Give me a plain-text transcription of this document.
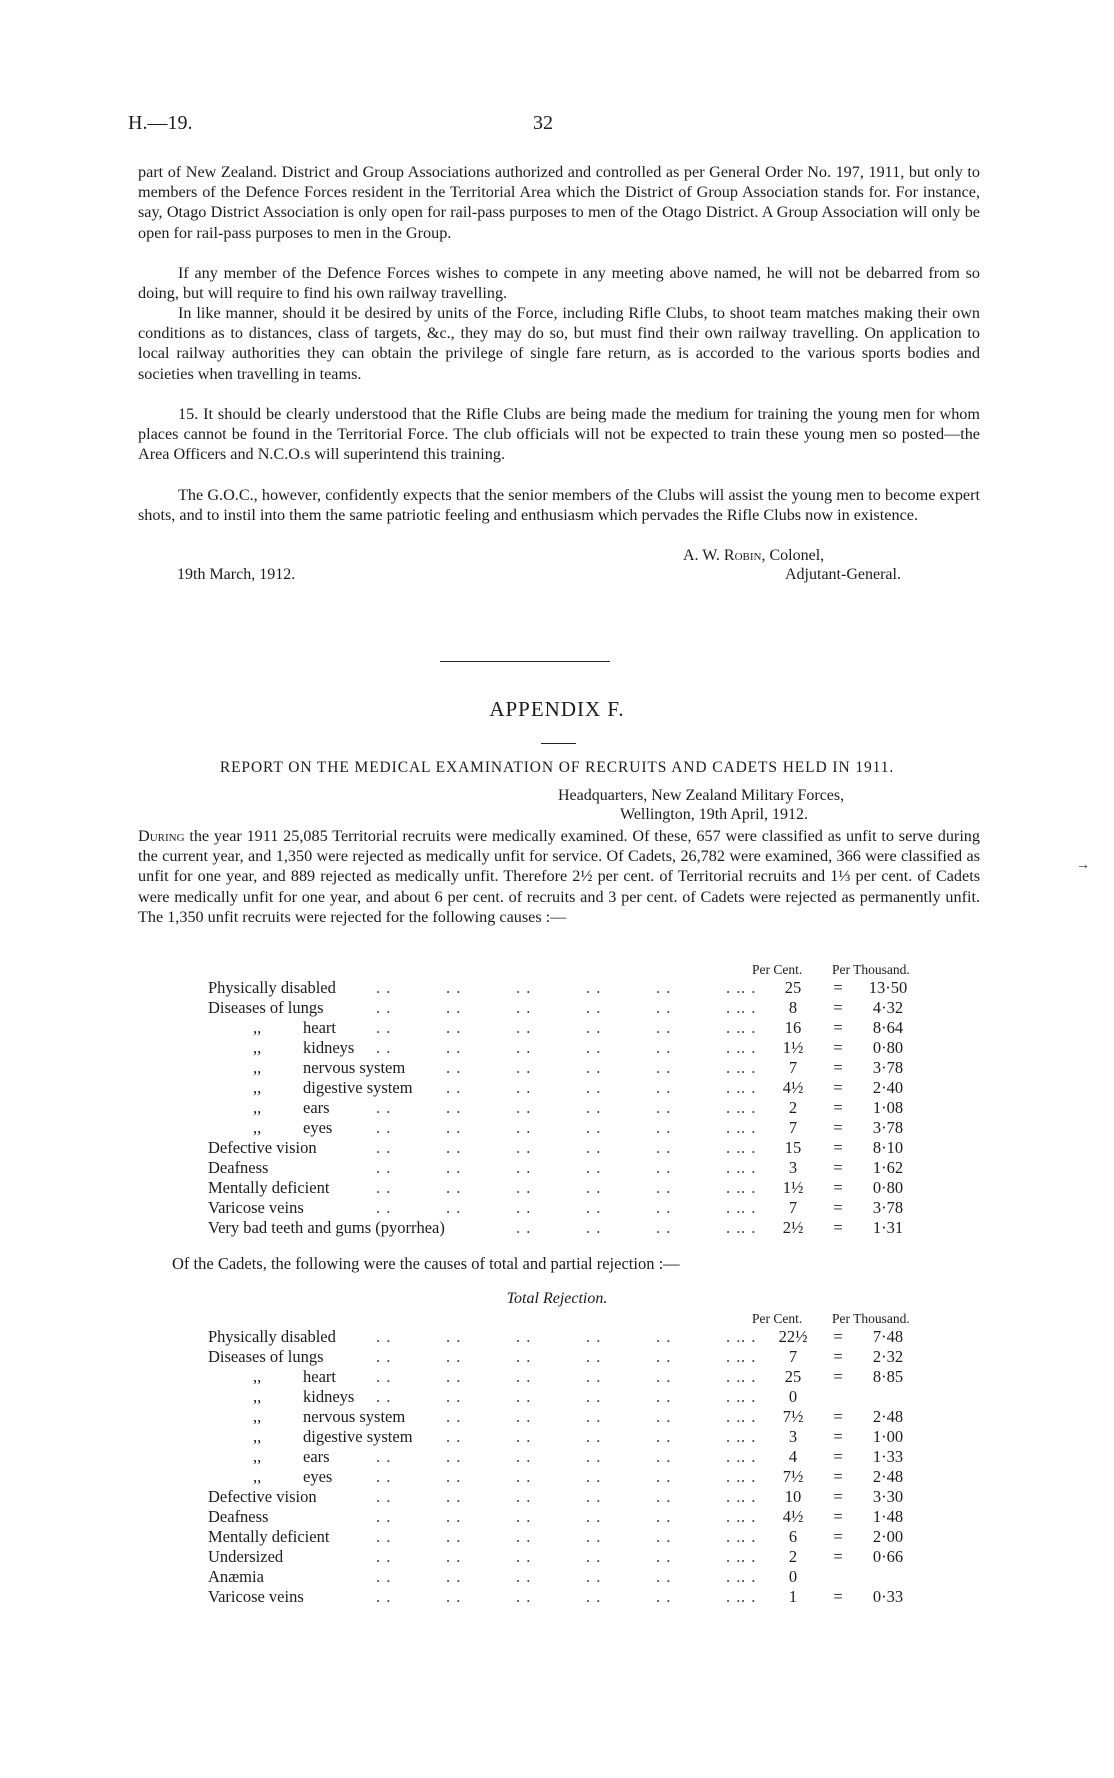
H.—19.	32
part of New Zealand. District and Group Associations authorized and controlled as per General Order No. 197, 1911, but only to members of the Defence Forces resident in the Territorial Area which the District of Group Association stands for. For instance, say, Otago District Association is only open for rail-pass purposes to men of the Otago District. A Group Association will only be open for rail-pass purposes to men in the Group.
If any member of the Defence Forces wishes to compete in any meeting above named, he will not be debarred from so doing, but will require to find his own railway travelling.
In like manner, should it be desired by units of the Force, including Rifle Clubs, to shoot team matches making their own conditions as to distances, class of targets, &c., they may do so, but must find their own railway travelling. On application to local railway authorities they can obtain the privilege of single fare return, as is accorded to the various sports bodies and societies when travelling in teams.
15. It should be clearly understood that the Rifle Clubs are being made the medium for training the young men for whom places cannot be found in the Territorial Force. The club officials will not be expected to train these young men so posted—the Area Officers and N.C.O.s will superintend this training.
The G.O.C., however, confidently expects that the senior members of the Clubs will assist the young men to become expert shots, and to instil into them the same patriotic feeling and enthusiasm which pervades the Rifle Clubs now in existence.
A. W. Robin, Colonel,
19th March, 1912.	Adjutant-General.
APPENDIX F.
REPORT ON THE MEDICAL EXAMINATION OF RECRUITS AND CADETS HELD IN 1911.
Headquarters, New Zealand Military Forces,
Wellington, 19th April, 1912.
During the year 1911 25,085 Territorial recruits were medically examined. Of these, 657 were classified as unfit to serve during the current year, and 1,350 were rejected as medically unfit for service. Of Cadets, 26,782 were examined, 366 were classified as unfit for one year, and 889 rejected as medically unfit. Therefore 2½ per cent. of Territorial recruits and 1⅓ per cent. of Cadets were medically unfit for one year, and about 6 per cent. of recruits and 3 per cent. of Cadets were rejected as permanently unfit. The 1,350 unfit recruits were rejected for the following causes :—
Per Cent. Per Thousand.
Physically disabled . .	. .	. .	. .	. .	. . . .	25	=	13·50
Diseases of lungs	. .	. .	. .	. .	. .	. . . .	8	=	4·32
,,	heart . .	. .	. .	. .	. .	. . . .	16	=	8·64
,,	kidneys . .	. .	. .	. .	. .	. . . .	1½	=	0·80
,,	nervous system . .	. .	. .	. .	. . . .	7	=	3·78
,,	digestive system . .	. .	. .	. .	. . . .	4½	=	2·40
,,	ears	. .	. .	. .	. .	. .	. . . .	2	=	1·08
,,	eyes	. .	. .	. .	. .	. .	. . . .	7	=	3·78
Defective vision	. .	. .	. .	. .	. .	. . . .	15	=	8·10
Deafness	. .	. .	. .	. .	. .	. . . .	3	=	1·62
Mentally deficient	. .	. .	. .	. .	. .	. . . .	1½	=	0·80
Varicose veins	. .	. .	. .	. .	. .	. . . .	7	=	3·78
Very bad teeth and gums (pyorrhea)	. .	. .	. .	. . . .	2½	=	1·31
Of the Cadets, the following were the causes of total and partial rejection :—
Total Rejection.
Per Cent. Per Thousand.
Physically disabled . .	. .	. .	. .	. .	. . . .	22½	=	7·48
Diseases of lungs	. .	. .	. .	. .	. .	. . . .	7	=	2·32
,,	heart . .	. .	. .	. .	. .	. . . .	25	=	8·85
,,	kidneys . .	. .	. .	. .	. .	. . . .	0
,,	nervous system . .	. .	. .	. .	. . . .	7½	=	2·48
,,	digestive system . .	. .	. .	. .	. . . .	3	=	1·00
,,	ears	. .	. .	. .	. .	. .	. . . .	4	=	1·33
,,	eyes	. .	. .	. .	. .	. .	. . . .	7½	=	2·48
Defective vision	. .	. .	. .	. .	. .	. . . .	10	=	3·30
Deafness	. .	. .	. .	. .	. .	. . . .	4½	=	1·48
Mentally deficient	. .	. .	. .	. .	. .	. . . .	6	=	2·00
Undersized	. .	. .	. .	. .	. .	. . . .	2	=	0·66
Anæmia	. .	. .	. .	. .	. .	. . . .	0
Varicose veins	. .	. .	. .	. .	. .	. . . .	1	=	0·33
→
